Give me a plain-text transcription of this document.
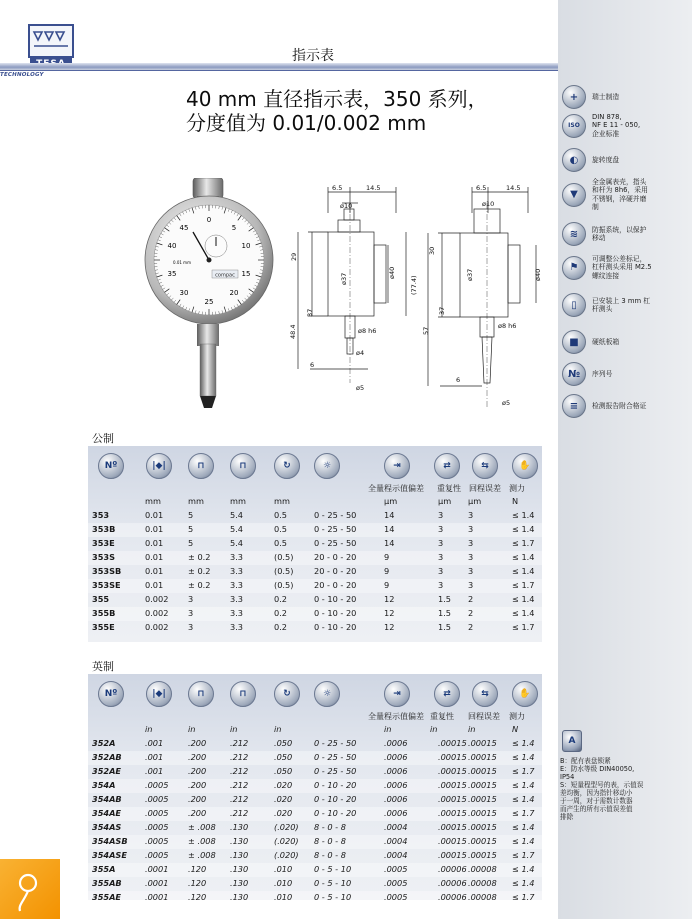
TECHNOLOGY
指示表
40 mm 直径指示表，350 系列，
分度值为 0.01/0.002 mm
0
5
10
15
20
25
30
35
40
45
0.01 mm
compac
6.5	14.5
ø10
29
ø37	ø40
(77.4)
37
48.4	ø8 h6
ø4
6
ø5
6.5	14.5
ø10
30
ø37	ø40
37
57
ø8 h6
6
ø5
+	瑞士制造
ISO
DIN 878,
NF E 11 - 050,
企业标准
◐	旋转度盘
▼
全金属表壳，指头
和杆为 8h6，采用
不锈钢，淬硬并磨
制
≋	防振系统，以保护
移动
⚑
可调整公差标记，
杠杆测头采用 M2.5
螺纹连接
▯	已安装上 3 mm 杠
杆测头
■	硬纸板箱
№	序列号
≡	检测报告附合格证
公制
Nº	|◆|	⊓	⊓	↻	☼	⇥	⇄	⇆	✋
全量程示值偏差 重复性 回程误差 测力
mm	mm	mm	mm	µm	µm µm	N
353	0.01	5	5.4	0.5	0 - 25 - 50	14	3	3	≤ 1.4
353B	0.01	5	5.4	0.5	0 - 25 - 50	14	3	3	≤ 1.4
353E	0.01	5	5.4	0.5	0 - 25 - 50	14	3	3	≤ 1.7
353S	0.01	± 0.2 3.3	(0.5)	20 - 0 - 20	9	3	3	≤ 1.4
353SB	0.01	± 0.2 3.3	(0.5)	20 - 0 - 20	9	3	3	≤ 1.4
353SE	0.01	± 0.2 3.3	(0.5)	20 - 0 - 20	9	3	3	≤ 1.7
355	0.002 3	3.3	0.2	0 - 10 - 20	12	1.5 2	≤ 1.4
355B	0.002 3	3.3	0.2	0 - 10 - 20	12	1.5 2	≤ 1.4
355E	0.002 3	3.3	0.2	0 - 10 - 20	12	1.5 2	≤ 1.7
英制
Nº	|◆|	⊓	⊓	↻	☼	⇥	⇄	⇆	✋
全量程示值偏差 重复性 回程误差 测力
in	in	in	in	in	in	in	N
352A	.001	.200	.212	.050	0 - 25 - 50	.0006	.00015 .00015 ≤ 1.4
352AB	.001	.200	.212	.050	0 - 25 - 50	.0006	.00015 .00015 ≤ 1.4
352AE	.001	.200	.212	.050	0 - 25 - 50	.0006	.00015 .00015 ≤ 1.7
354A	.0005 .200	.212	.020	0 - 10 - 20	.0006	.00015 .00015 ≤ 1.4
354AB	.0005 .200	.212	.020	0 - 10 - 20	.0006	.00015 .00015 ≤ 1.4
354AE	.0005 .200	.212	.020	0 - 10 - 20	.0006	.00015 .00015 ≤ 1.7
354AS	.0005 ± .008 .130	(.020) 8 - 0 - 8	.0004	.00015 .00015 ≤ 1.4
354ASB .0005 ± .008 .130	(.020) 8 - 0 - 8	.0004	.00015 .00015 ≤ 1.4
354ASE .0005 ± .008 .130	(.020) 8 - 0 - 8	.0004	.00015 .00015 ≤ 1.7
355A	.0001 .120	.130	.010	0 - 5 - 10	.0005	.00006 .00008 ≤ 1.4
355AB	.0001 .120	.130	.010	0 - 5 - 10	.0005	.00006 .00008 ≤ 1.4
355AE	.0001 .120	.130	.010	0 - 5 - 10	.0005	.00006 .00008 ≤ 1.7
A
B：配有表盘锁紧
E：防水等级 DIN40050,
IP54
S：短量程型号的表，示值误
差均衡，因为指针移动小
于一周，对于需数计数器
而产生的所有示值误差值
排除
